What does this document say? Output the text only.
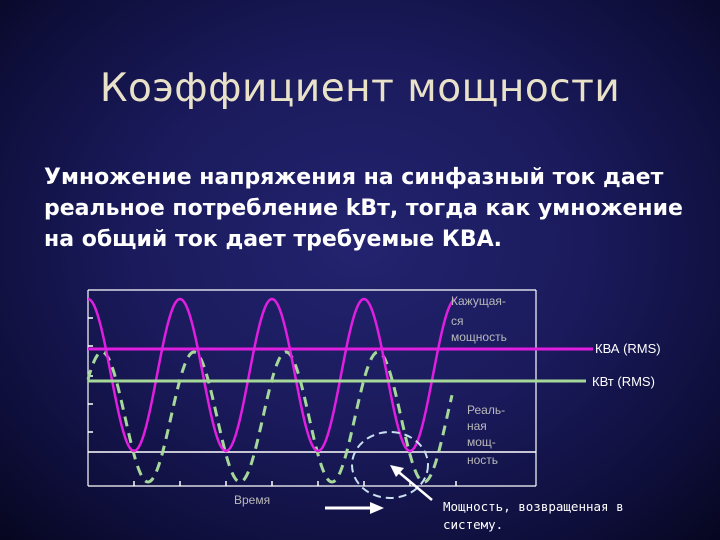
Коэффициент мощности

Умножение напряжения на синфазный ток дает
реальное потребление kВт, тогда как умножение
на общий ток дает требуемые КВА.

Кажущая- ся мощность
Реаль- ная мощ- ность
КВА (RMS)
КВт (RMS)
Время	Мощность, возвращенная в систему.
